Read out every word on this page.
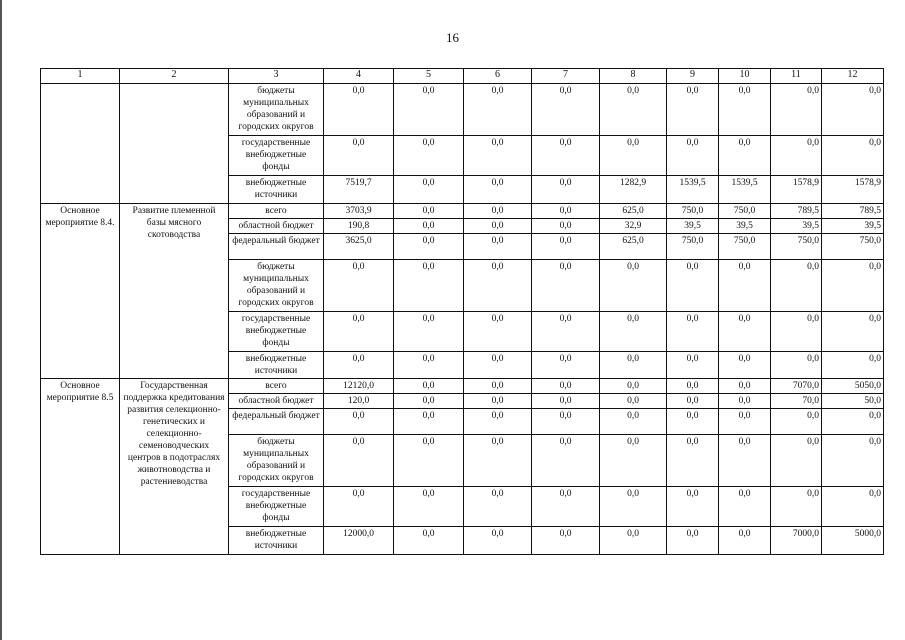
16
1	2	3	4	5	6	7	8	9	10	11	12
		бюджеты муниципальных образований и городских округов	0,0	0,0	0,0	0,0	0,0	0,0	0,0	0,0	0,0
		государственные внебюджетные фонды	0,0	0,0	0,0	0,0	0,0	0,0	0,0	0,0	0,0
		внебюджетные источники	7519,7	0,0	0,0	0,0	1282,9	1539,5	1539,5	1578,9	1578,9
Основное мероприятие 8.4.	Развитие племенной базы мясного скотоводства	всего	3703,9	0,0	0,0	0,0	625,0	750,0	750,0	789,5	789,5
		областной бюджет	190,8	0,0	0,0	0,0	32,9	39,5	39,5	39,5	39,5
		федеральный бюджет	3625,0	0,0	0,0	0,0	625,0	750,0	750,0	750,0	750,0
		бюджеты муниципальных образований и городских округов	0,0	0,0	0,0	0,0	0,0	0,0	0,0	0,0	0,0
		государственные внебюджетные фонды	0,0	0,0	0,0	0,0	0,0	0,0	0,0	0,0	0,0
		внебюджетные источники	0,0	0,0	0,0	0,0	0,0	0,0	0,0	0,0	0,0
Основное мероприятие 8.5	Государственная поддержка кредитования развития селекционно-генетических и селекционно-семеноводческих центров в подотраслях животноводства и растениеводства	всего	12120,0	0,0	0,0	0,0	0,0	0,0	0,0	7070,0	5050,0
		областной бюджет	120,0	0,0	0,0	0,0	0,0	0,0	0,0	70,0	50,0
		федеральный бюджет	0,0	0,0	0,0	0,0	0,0	0,0	0,0	0,0	0,0
		бюджеты муниципальных образований и городских округов	0,0	0,0	0,0	0,0	0,0	0,0	0,0	0,0	0,0
		государственные внебюджетные фонды	0,0	0,0	0,0	0,0	0,0	0,0	0,0	0,0	0,0
		внебюджетные источники	12000,0	0,0	0,0	0,0	0,0	0,0	0,0	7000,0	5000,0
